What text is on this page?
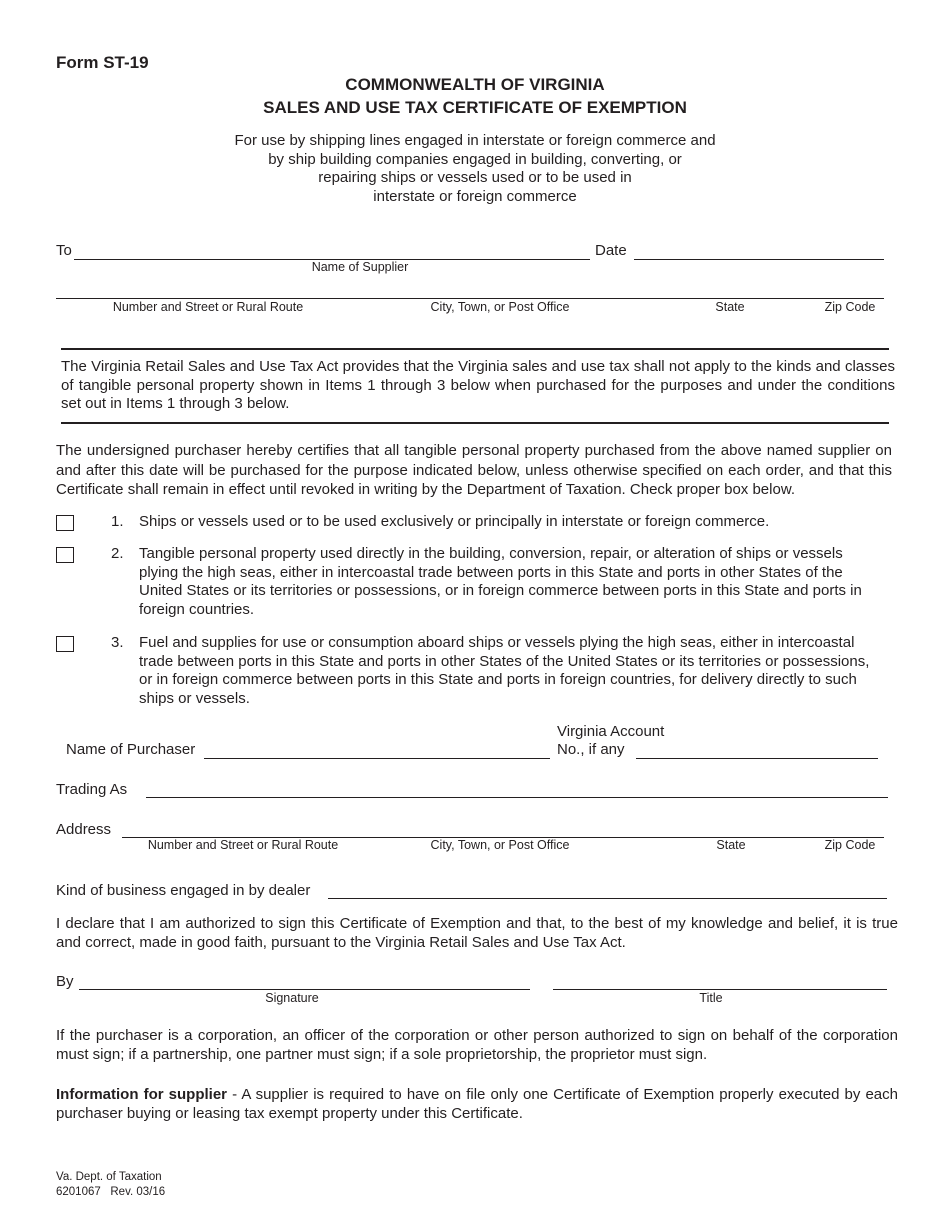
Form ST-19
COMMONWEALTH OF VIRGINIA
SALES AND USE TAX CERTIFICATE OF EXEMPTION
For use by shipping lines engaged in interstate or foreign commerce and
by ship building companies engaged in building, converting, or
repairing ships or vessels used or to be used in
interstate or foreign commerce
To	Date
Name of Supplier
Number and Street or Rural Route	City, Town, or Post Office	State	Zip Code
The Virginia Retail Sales and Use Tax Act provides that the Virginia sales and use tax shall not apply to the kinds and classes of tangible personal property shown in Items 1 through 3 below when purchased for the purposes and under the conditions set out in Items 1 through 3 below.
The undersigned purchaser hereby certifies that all tangible personal property purchased from the above named supplier on and after this date will be purchased for the purpose indicated below, unless otherwise specified on each order, and that this Certificate shall remain in effect until revoked in writing by the Department of Taxation. Check proper box below.
1. Ships or vessels used or to be used exclusively or principally in interstate or foreign commerce.
2. Tangible personal property used directly in the building, conversion, repair, or alteration of ships or vessels plying the high seas, either in intercoastal trade between ports in this State and ports in other States of the United States or its territories or possessions, or in foreign commerce between ports in this State and ports in foreign countries.
3. Fuel and supplies for use or consumption aboard ships or vessels plying the high seas, either in intercoastal trade between ports in this State and ports in other States of the United States or its territories or possessions, or in foreign commerce between ports in this State and ports in foreign countries, for delivery directly to such ships or vessels.
Name of Purchaser
Virginia Account
No., if any
Trading As
Address
Number and Street or Rural Route	City, Town, or Post Office	State	Zip Code
Kind of business engaged in by dealer
I declare that I am authorized to sign this Certificate of Exemption and that, to the best of my knowledge and belief, it is true and correct, made in good faith, pursuant to the Virginia Retail Sales and Use Tax Act.
By
Signature	Title
If the purchaser is a corporation, an officer of the corporation or other person authorized to sign on behalf of the corporation must sign; if a partnership, one partner must sign; if a sole proprietorship, the proprietor must sign.
Information for supplier - A supplier is required to have on file only one Certificate of Exemption properly executed by each purchaser buying or leasing tax exempt property under this Certificate.
Va. Dept. of Taxation
6201067 Rev. 03/16
